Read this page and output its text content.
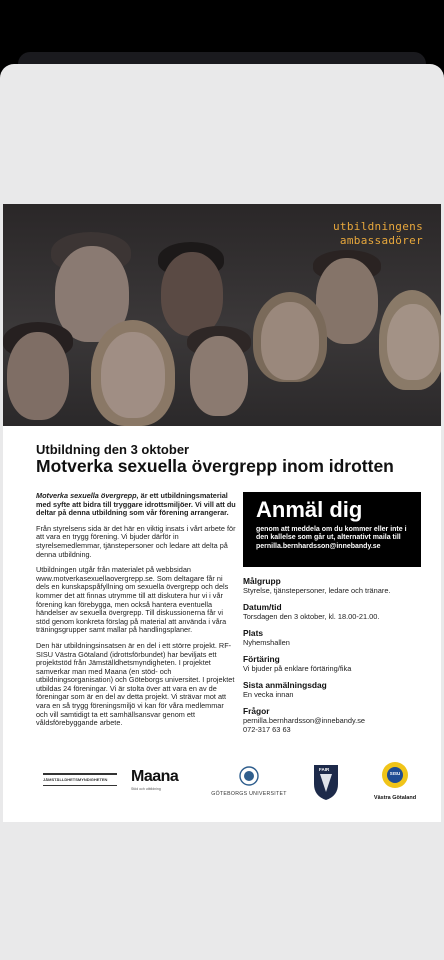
utbildningens
ambassadörer
Utbildning den 3 oktober
Motverka sexuella övergrepp inom idrotten

Motverka sexuella övergrepp, är ett utbildningsmaterial med syfte att bidra till tryggare idrottsmiljöer. Vi vill att du deltar på denna utbildning som vår förening arrangerar.

Från styrelsens sida är det här en viktig insats i vårt arbete för att vara en trygg förening. Vi bjuder därför in styrelsemedlemmar, tjänstepersoner och ledare att delta på denna utbildning.

Utbildningen utgår från materialet på webbsidan www.motverkasexuellaovergrepp.se. Som deltagare får ni dels en kunskapspåfyllning om sexuella övergrepp och dels kommer det att finnas utrymme till att diskutera hur vi i vår förening kan förebygga, men också hantera eventuella händelser av sexuella övergrepp. Till diskussionerna får vi stöd genom konkreta förslag på material att använda i våra träningsgrupper samt mallar på handlingsplaner.

Den här utbildningsinsatsen är en del i ett större projekt. RF-SISU Västra Götaland (idrottsförbundet) har beviljats ett projektstöd från Jämställdhetsmyndigheten. I projektet samverkar man med Maana (en stöd- och utbildningsorganisation) och Göteborgs universitet. I projektet utbildas 24 föreningar. Vi är stolta över att vara en av de föreningar som är en del av detta projekt. Vi strävar mot att vara en så trygg föreningsmiljö vi kan för våra medlemmar och vill samtidigt ta ett samhällsansvar genom ett våldsförebyggande arbete.

Anmäl dig
genom att meddela om du kommer eller inte i den kallelse som går ut, alternativt maila till pernilla.bernhardsson@innebandy.se
Målgrupp
Styrelse, tjänstepersoner, ledare och tränare.
Datum/tid
Torsdagen den 3 oktober, kl. 18.00-21.00.
Plats
Nyhemshallen
Förtäring
Vi bjuder på enklare förtäring/fika
Sista anmälningsdag
En vecka innan
Frågor
pernilla.bernhardsson@innebandy.se
072-317 63 63
JÄMSTÄLLDHETSMYNDIGHETEN Maana
Stöd och utbildning
GÖTEBORGS UNIVERSITET
FAIR
SISU
Västra Götaland
